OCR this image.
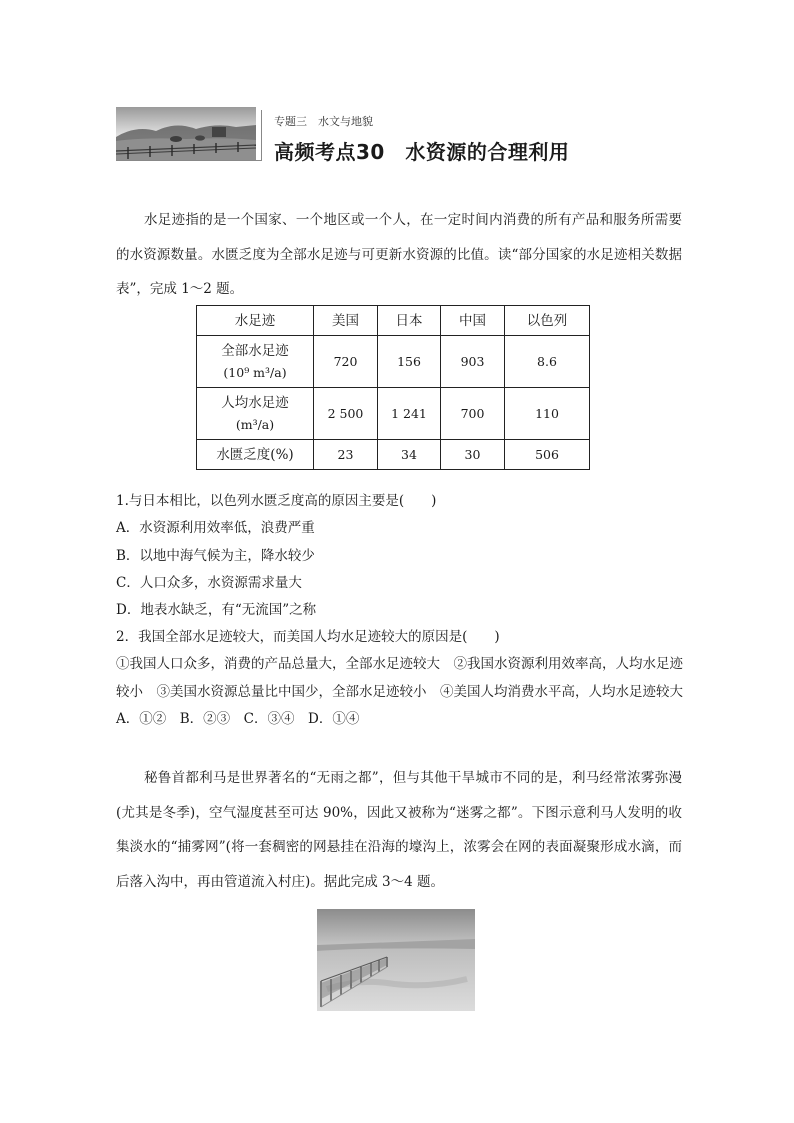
专题三　水文与地貌
高频考点30　水资源的合理利用
水足迹指的是一个国家、一个地区或一个人，在一定时间内消费的所有产品和服务所需要的水资源数量。水匮乏度为全部水足迹与可更新水资源的比值。读“部分国家的水足迹相关数据表”，完成 1～2 题。
水足迹	美国	日本	中国	以色列

全部水足迹
(10⁹ m³/a)	720	156	903	8.6

人均水足迹
(m³/a)	2 500	1 241	700	110

水匮乏度(%)	23	34	30	506
1.与日本相比，以色列水匮乏度高的原因主要是(　　)
A．水资源利用效率低，浪费严重
B．以地中海气候为主，降水较少
C．人口众多，水资源需求量大
D．地表水缺乏，有“无流国”之称
2．我国全部水足迹较大，而美国人均水足迹较大的原因是(　　)
①我国人口众多，消费的产品总量大，全部水足迹较大　②我国水资源利用效率高，人均水足迹较小　③美国水资源总量比中国少，全部水足迹较小　④美国人均消费水平高，人均水足迹较大
A．①②　B．②③　C．③④　D．①④
秘鲁首都利马是世界著名的“无雨之都”，但与其他干旱城市不同的是，利马经常浓雾弥漫(尤其是冬季)，空气湿度甚至可达 90%，因此又被称为“迷雾之都”。下图示意利马人发明的收集淡水的“捕雾网”(将一套稠密的网悬挂在沿海的壕沟上，浓雾会在网的表面凝聚形成水滴，而后落入沟中，再由管道流入村庄)。据此完成 3～4 题。
